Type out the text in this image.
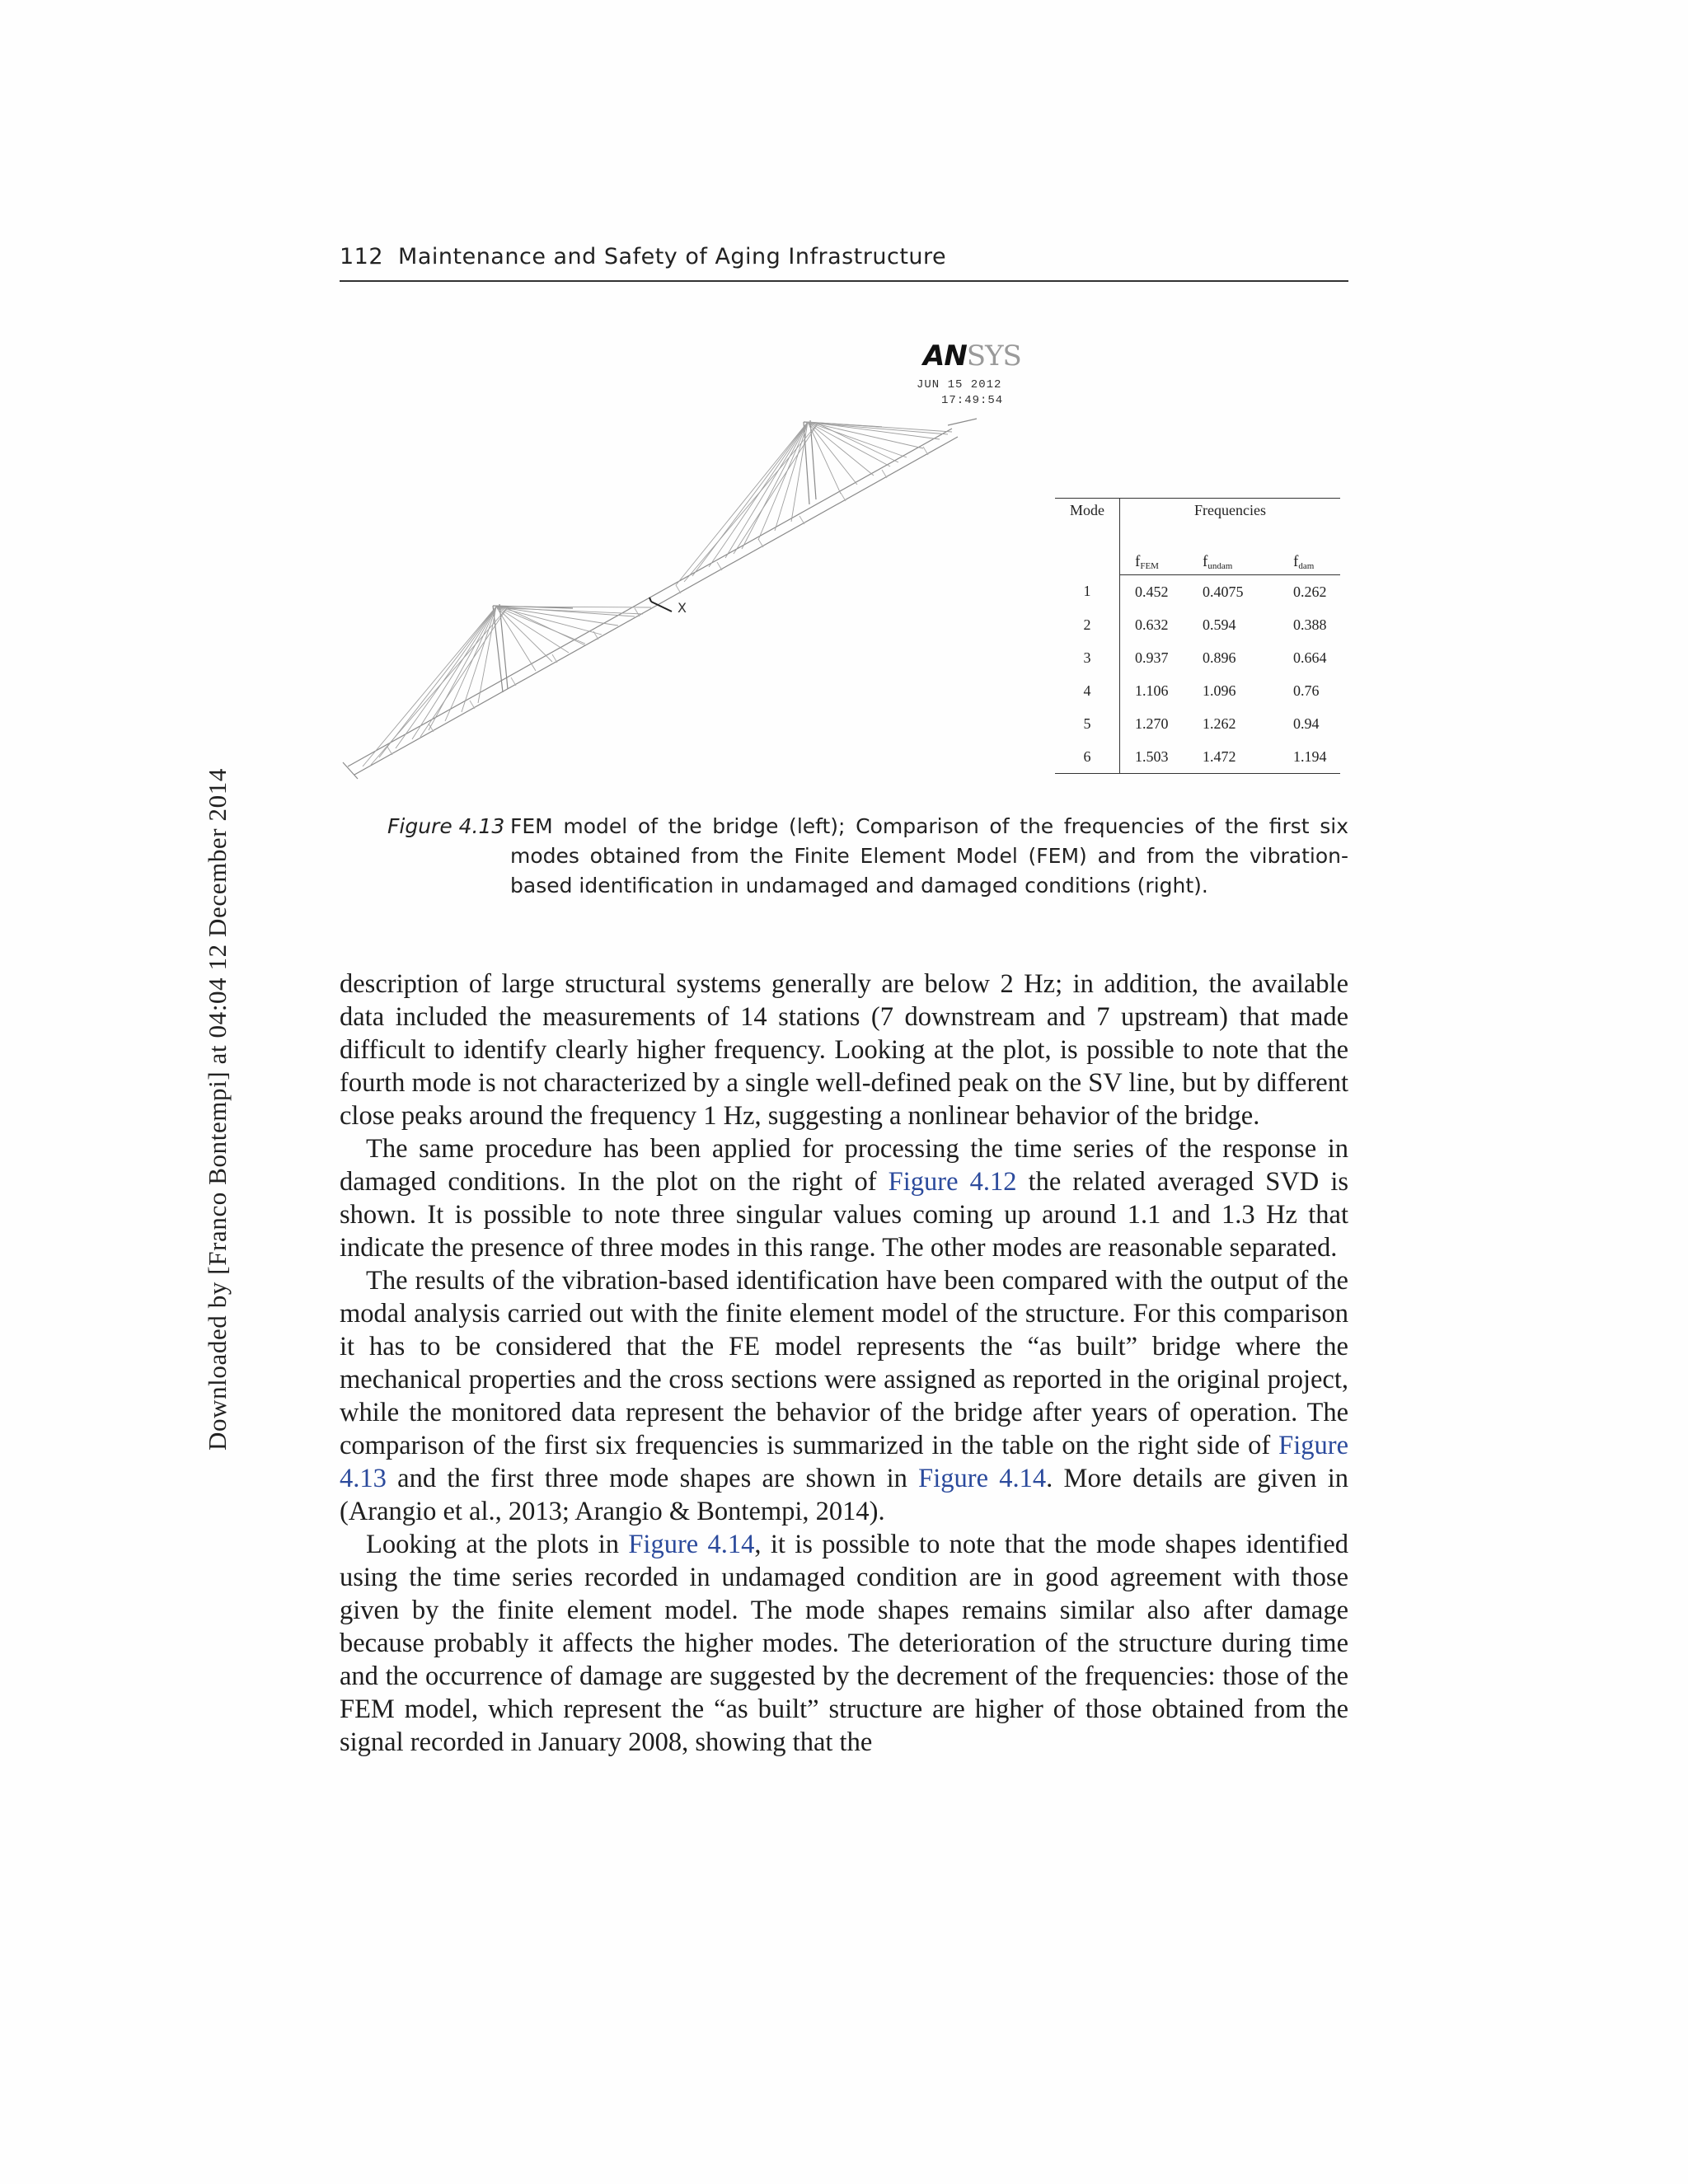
112 Maintenance and Safety of Aging Infrastructure
Downloaded by [Franco Bontempi] at 04:04 12 December 2014
ANSYS
JUN 15 2012
17:49:54
X
Mode	Frequencies		
	fFEM	fundam	fdam
1	0.452	0.4075	0.262
2	0.632	0.594	0.388
3	0.937	0.896	0.664
4	1.106	1.096	0.76
5	1.270	1.262	0.94
6	1.503	1.472	1.194
Figure 4.13 FEM model of the bridge (left); Comparison of the frequencies of the first six modes obtained from the Finite Element Model (FEM) and from the vibration-based identification in undamaged and damaged conditions (right).

description of large structural systems generally are below 2 Hz; in addition, the available data included the measurements of 14 stations (7 downstream and 7 upstream) that made difficult to identify clearly higher frequency. Looking at the plot, is possible to note that the fourth mode is not characterized by a single well-defined peak on the SV line, but by different close peaks around the frequency 1 Hz, suggesting a nonlinear behavior of the bridge.

The same procedure has been applied for processing the time series of the response in damaged conditions. In the plot on the right of Figure 4.12 the related averaged SVD is shown. It is possible to note three singular values coming up around 1.1 and 1.3 Hz that indicate the presence of three modes in this range. The other modes are reasonable separated.

The results of the vibration-based identification have been compared with the output of the modal analysis carried out with the finite element model of the structure. For this comparison it has to be considered that the FE model represents the “as built” bridge where the mechanical properties and the cross sections were assigned as reported in the original project, while the monitored data represent the behavior of the bridge after years of operation. The comparison of the first six frequencies is summarized in the table on the right side of Figure 4.13 and the first three mode shapes are shown in Figure 4.14. More details are given in (Arangio et al., 2013; Arangio & Bontempi, 2014).

Looking at the plots in Figure 4.14, it is possible to note that the mode shapes identified using the time series recorded in undamaged condition are in good agreement with those given by the finite element model. The mode shapes remains similar also after damage because probably it affects the higher modes. The deterioration of the structure during time and the occurrence of damage are suggested by the decrement of the frequencies: those of the FEM model, which represent the “as built” structure are higher of those obtained from the signal recorded in January 2008, showing that the
